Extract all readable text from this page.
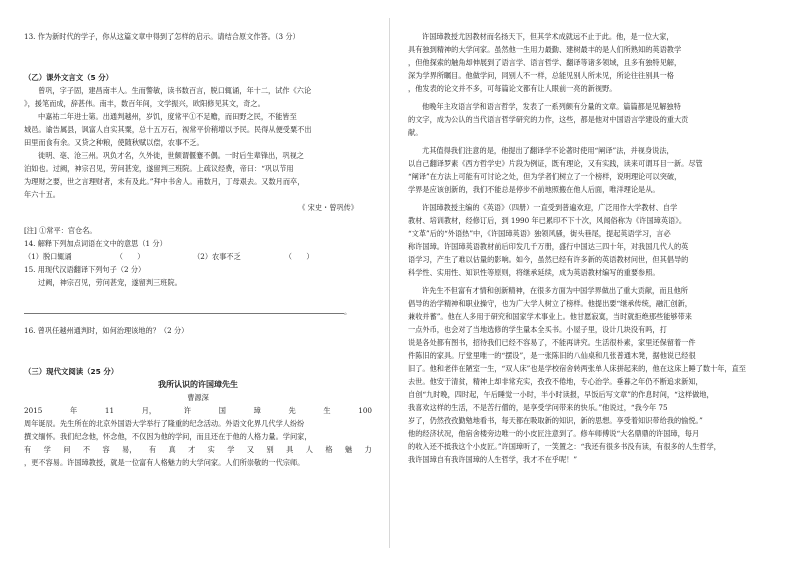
13. 作为新时代的学子，你从这篇文章中得到了怎样的启示。请结合原文作答。（3 分）

（乙）课外文言文（5 分）

曾巩，字子固，建昌南丰人。生而警敏，读书数百言，脱口辄诵，年十二，试作《六论

》，援笔而成，辞甚伟。南丰，数百年间，文学振兴，欧阳修见其文，奇之。

中嘉祐二年进士第。出通判越州，岁饥，度常平①不足赡，而田野之民，不能皆至

城邑。谕告属县，讽富人自实其粟，总十五万石，视常平价稍增以予民。民得从便受粟不出

田里而食有余。又贷之种粮，使随秋赋以偿，农事不乏。

徙明、亳、沧三州。巩负才名，久外徙，世颇谓偃蹇不偶。一时后生辈锋出，巩视之

泊如也。过阙，神宗召见，劳问甚宠，遂留判三班院。上疏议经费，帝曰：“巩以节用

为理财之要，世之言理财者，未有及此。”拜中书舍人。甫数月，丁母艰去。又数月而卒，

年六十五。

《 宋史・曾巩传》

[注] ①常平：官仓名。

14. 解释下列加点词语在文中的意思（1 分）

（1）脱口辄诵	（　　）	（2）农事不乏	（　　）

15. 用现代汉语翻译下列句子（2 分）

过阙，神宗召见，劳问甚宠，遂留判三班院。

。

16. 曾巩任越州通判时，如何治理该地的？（2 分）

（三）现代文阅读（25 分）

我所认识的许国璋先生

曹源深

2015	年	11	月，	许	国	璋	先	生	100

周年诞辰。先生所在的北京外国语大学举行了隆重的纪念活动。外语文化界几代学人纷纷

撰文缅怀。我们纪念他，怀念他，不仅因为他的学问，而且还在于他的人格力量。学问家，

有 学 问 不 容 易， 有 真 才 实 学 又 别 具 人 格 魅 力

，更不容易。许国璋教授，就是一位富有人格魅力的大学问家。人们所崇敬的一代宗师。

许国璋教授尤因教材而名扬天下，但其学术成就远不止于此。他，是一位大家，

具有独到精神的大学问家。虽然他一生用力最勤、建树最丰的是人们所熟知的英语教学

，但他探索的触角却伸展到了语言学、语言哲学、翻译等诸多领域，且多有独特见解，

深为学界所瞩目。他做学问，同别人不一样，总能见别人所未见，所论往往别具一格

，他发表的论文并不多，可每篇论文都有让人眼前一亮的新视野。

他晚年主攻语言学和语言哲学，发表了一系列颇有分量的文章。篇篇都是见解独特

的文字，成为公认的当代语言哲学研究的力作，这些，都是他对中国语言学建设的重大贡

献。

尤其值得我们注意的是，他提出了翻译学不论著时使用“阐译”法，并视身说法，

以自己翻译罗素《西方哲学史》片段为例证，既有理论，又有实践，读来可谓耳目一新。尽管

“阐译”在方法上可能有可讨论之处，但为学者们树立了一个榜样，说明理论可以突破，

学界是应该创新的，我们不能总是停步不前地照搬在他人后面，唯洋理论是从。

许国璋教授主编的《英语》（四册）一直受到普遍欢迎，广泛用作大学教材、自学

教材、培训教材，经修订后，到 1990 年已累印不下十次，风闻俗称为《许国璋英语》。

“文革”后的“外语热”中，《许国璋英语》独领风骚，街头巷尾，提起英语学习，言必

称许国璋。许国璋英语教材前后印发几千万册，盛行中国达三四十年，对我国几代人的英

语学习，产生了难以估量的影响。如今，虽然已经有许多新的英语教材问世，但其倡导的

科学性、实用性、知识性等原则，将继承延续，成为英语教材编写的重要参照。

许先生不但富有才情和创新精神，在很多方面为中国学界做出了重大贡献，而且他所

倡导的治学精神和职业操守，也为广大学人树立了榜样。他提出要“继承传统，融汇创新，

兼收并蓄”。他在人多用于研究和国家学术事业上。他甘愿寂寞，当时就拒绝那些能够带来

一点外币，也会对了当地选修的学生量本全买书。小屋子里，设计几块没有吗，打

说是各处都有图书，招待我们已经不容易了，不能再讲究。生活很朴素，家里还保留着一件

件陈旧的家具。厅堂里唯一的“摆设”，是一张陈旧的八仙桌和几张普通木凳，据他说已经很

旧了。他和老伴在陋室一生，“双人床”也是学校宿舍转两张单人床拼起来的，他在这床上睡了数十年，直至

去世。他安于清贫，精神上却非常充实，孜孜不倦地，专心治学。垂暮之年仍不断追求新知，

自创“九时晚，四时起，午后睡觉一小时，半小时读报，早饭后写文章”的作息时间，“这样做地，

我喜欢这样的生活，不是苦行僧的，是享受学问带来的快乐。”他说过，“我今年 75

岁了，仍然孜孜勤勉地看书，每天都在吸取新的知识，新的思想。享受着知识带给我的愉悦。”

他的经济状况，他宿舍楼旁边唯一的小皮匠注意到了。修车师傅说“大名鼎鼎的许国璋，每月

的收入还不抵我这个小皮匠。”许国璋听了，一笑置之：“我还有很多书没有读，有很多的人生哲学，

我许国璋自有我许国璋的人生哲学，我才不在乎呢！”
